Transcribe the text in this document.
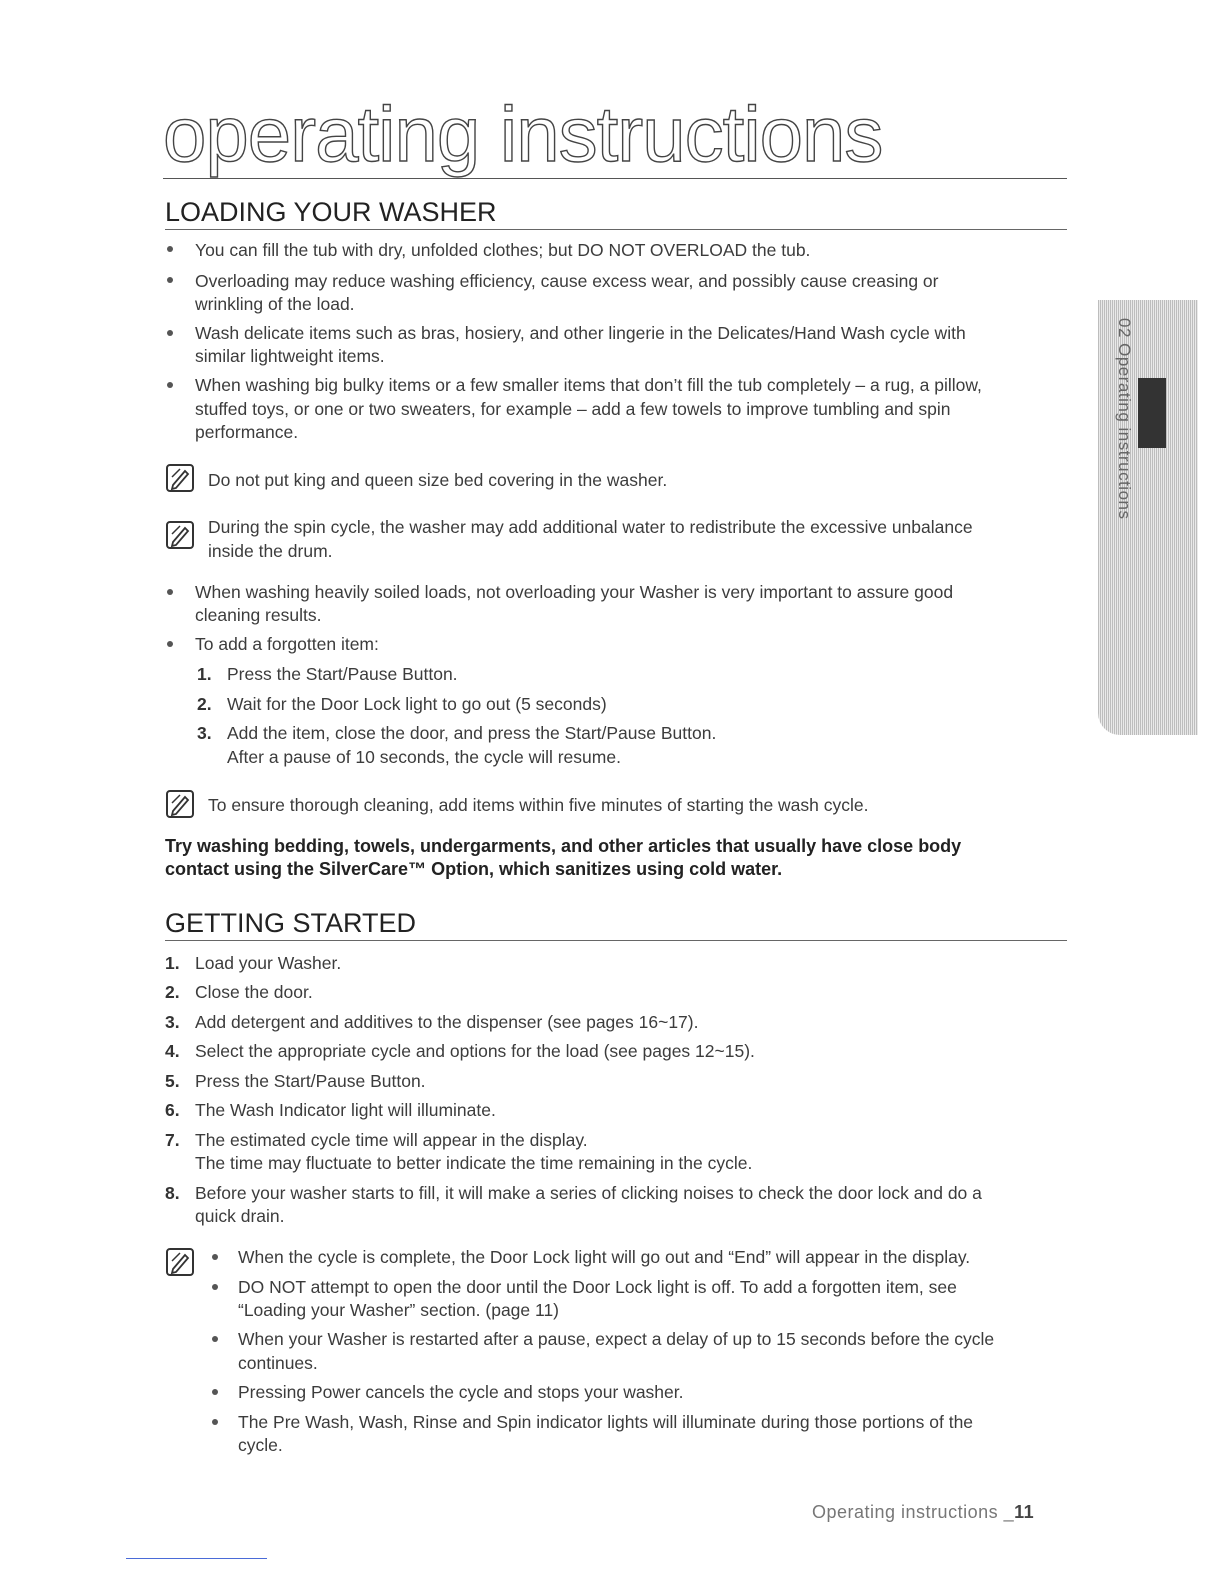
operating instructions
02 Operating instructions
LOADING YOUR WASHER
You can fill the tub with dry, unfolded clothes; but DO NOT OVERLOAD the tub.
Overloading may reduce washing efficiency, cause excess wear, and possibly cause creasing or
wrinkling of the load.
Wash delicate items such as bras, hosiery, and other lingerie in the Delicates/Hand Wash cycle with
similar lightweight items.
When washing big bulky items or a few smaller items that don’t fill the tub completely – a rug, a pillow,
stuffed toys, or one or two sweaters, for example – add a few towels to improve tumbling and spin
performance.
Do not put king and queen size bed covering in the washer.
During the spin cycle, the washer may add additional water to redistribute the excessive unbalance
inside the drum.
When washing heavily soiled loads, not overloading your Washer is very important to assure good
cleaning results.
To add a forgotten item:
1. Press the Start/Pause Button.
2. Wait for the Door Lock light to go out (5 seconds)
3. Add the item, close the door, and press the Start/Pause Button.
After a pause of 10 seconds, the cycle will resume.
To ensure thorough cleaning, add items within five minutes of starting the wash cycle.
Try washing bedding, towels, undergarments, and other articles that usually have close body
contact using the SilverCare™ Option, which sanitizes using cold water.
GETTING STARTED
1. Load your Washer.
2. Close the door.
3. Add detergent and additives to the dispenser (see pages 16~17).
4. Select the appropriate cycle and options for the load (see pages 12~15).
5. Press the Start/Pause Button.
6. The Wash Indicator light will illuminate.
7. The estimated cycle time will appear in the display.
The time may fluctuate to better indicate the time remaining in the cycle.
8. Before your washer starts to fill, it will make a series of clicking noises to check the door lock and do a
quick drain.
When the cycle is complete, the Door Lock light will go out and “End” will appear in the display.
DO NOT attempt to open the door until the Door Lock light is off. To add a forgotten item, see
“Loading your Washer” section. (page 11)
When your Washer is restarted after a pause, expect a delay of up to 15 seconds before the cycle
continues.
Pressing Power cancels the cycle and stops your washer.
The Pre Wash, Wash, Rinse and Spin indicator lights will illuminate during those portions of the
cycle.
Operating instructions _11
